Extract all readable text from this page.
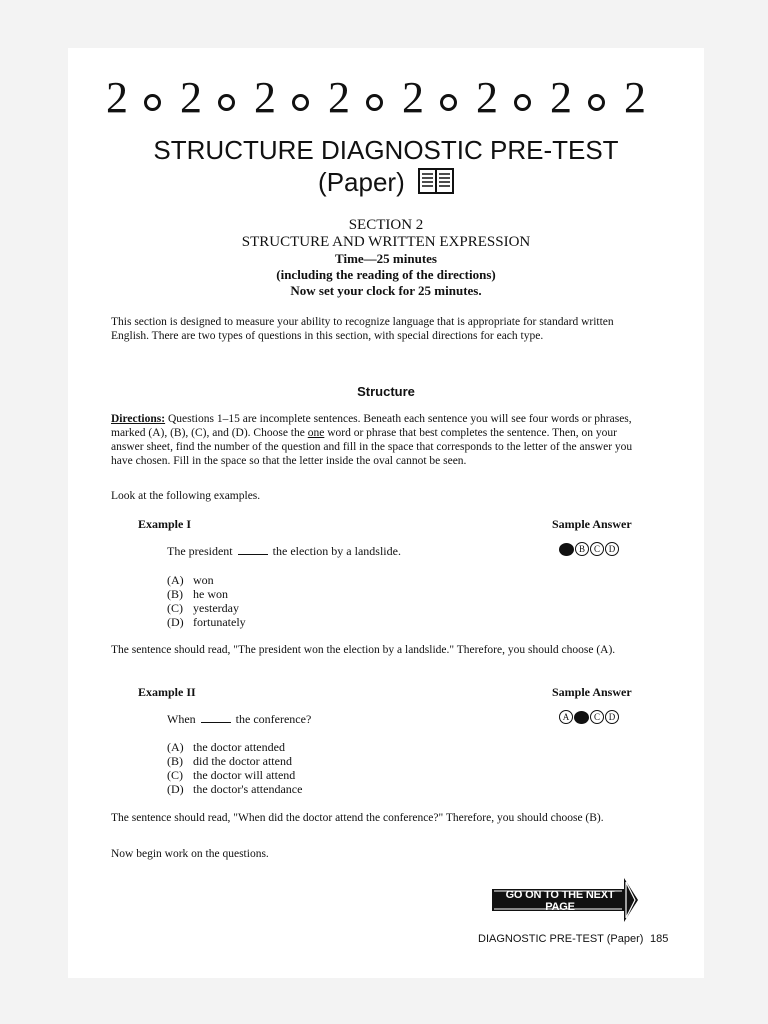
2 2 2 2 2 2 2 2
STRUCTURE DIAGNOSTIC PRE-TEST
(Paper)
SECTION 2
STRUCTURE AND WRITTEN EXPRESSION
Time—25 minutes
(including the reading of the directions)
Now set your clock for 25 minutes.
This section is designed to measure your ability to recognize language that is appropriate for standard written English. There are two types of questions in this section, with special directions for each type.
Structure
Directions: Questions 1–15 are incomplete sentences. Beneath each sentence you will see four words or phrases, marked (A), (B), (C), and (D). Choose the one word or phrase that best completes the sentence. Then, on your answer sheet, find the number of the question and fill in the space that corresponds to the letter of the answer you have chosen. Fill in the space so that the letter inside the oval cannot be seen.
Look at the following examples.
Example I	Sample Answer
The president	the election by a landslide.	A B C D
(A) won
(B) he won
(C) yesterday
(D) fortunately
The sentence should read, "The president won the election by a landslide." Therefore, you should choose (A).
Example II	Sample Answer
When	the conference?	A B C D
(A) the doctor attended
(B) did the doctor attend
(C) the doctor will attend
(D) the doctor's attendance
The sentence should read, "When did the doctor attend the conference?" Therefore, you should choose (B).
Now begin work on the questions.
GO ON TO THE NEXT PAGE
DIAGNOSTIC PRE-TEST (Paper) 185
